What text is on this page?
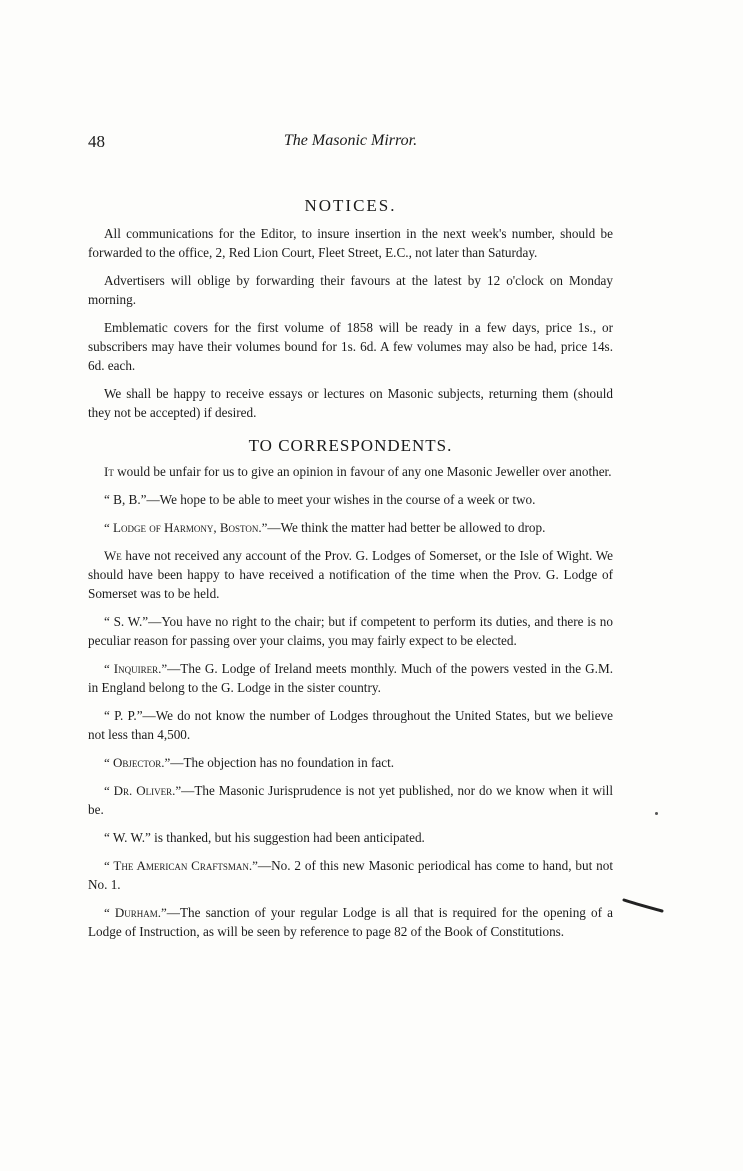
48	The Masonic Mirror.
NOTICES.

All communications for the Editor, to insure insertion in the next week's number, should be forwarded to the office, 2, Red Lion Court, Fleet Street, E.C., not later than Saturday.

Advertisers will oblige by forwarding their favours at the latest by 12 o'clock on Monday morning.

Emblematic covers for the first volume of 1858 will be ready in a few days, price 1s., or subscribers may have their volumes bound for 1s. 6d. A few volumes may also be had, price 14s. 6d. each.

We shall be happy to receive essays or lectures on Masonic subjects, returning them (should they not be accepted) if desired.

TO CORRESPONDENTS.

It would be unfair for us to give an opinion in favour of any one Masonic Jeweller over another.

“ B, B.”—We hope to be able to meet your wishes in the course of a week or two.

“ Lodge of Harmony, Boston.”—We think the matter had better be allowed to drop.

We have not received any account of the Prov. G. Lodges of Somerset, or the Isle of Wight. We should have been happy to have received a notification of the time when the Prov. G. Lodge of Somerset was to be held.

“ S. W.”—You have no right to the chair; but if competent to perform its duties, and there is no peculiar reason for passing over your claims, you may fairly expect to be elected.

“ Inquirer.”—The G. Lodge of Ireland meets monthly. Much of the powers vested in the G.M. in England belong to the G. Lodge in the sister country.

“ P. P.”—We do not know the number of Lodges throughout the United States, but we believe not less than 4,500.

“ Objector.”—The objection has no foundation in fact.

“ Dr. Oliver.”—The Masonic Jurisprudence is not yet published, nor do we know when it will be.

“ W. W.” is thanked, but his suggestion had been anticipated.

“ The American Craftsman.”—No. 2 of this new Masonic periodical has come to hand, but not No. 1.

“ Durham.”—The sanction of your regular Lodge is all that is required for the opening of a Lodge of Instruction, as will be seen by reference to page 82 of the Book of Constitutions.
